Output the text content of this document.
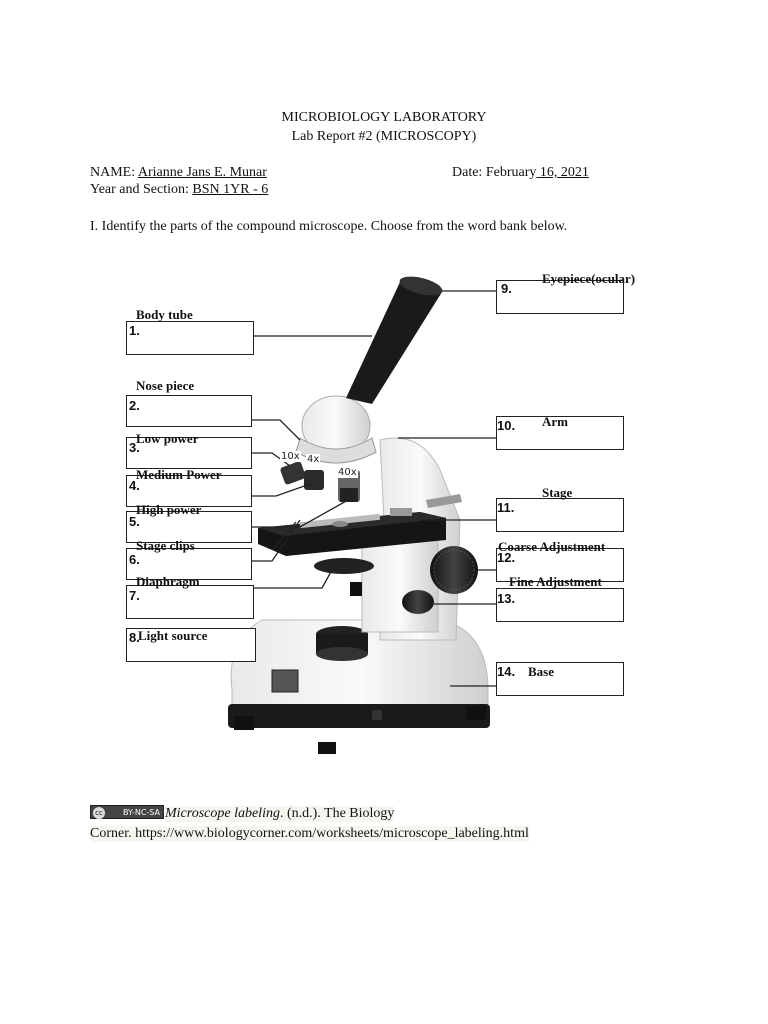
MICROBIOLOGY LABORATORY
Lab Report #2 (MICROSCOPY)
NAME: Arianne Jans E. Munar	Date: February 16, 2021
Year and Section: BSN 1YR - 6
I. Identify the parts of the compound microscope. Choose from the word bank below.
10x 4x
40x
1.
2.
3.
4.
5.
6.
7.
8.
9.
10.
11.
12.
13.
14.
Body tube
Nose piece
Low power
Medium Power
High power
Stage clips
Diaphragm
Light source
Eyepiece(ocular)
Arm
Stage
Coarse Adjustment
Fine Adjustment
Base
cc	BY-NC-SA Microscope labeling. (n.d.). The Biology
Corner. https://www.biologycorner.com/worksheets/microscope_labeling.html
